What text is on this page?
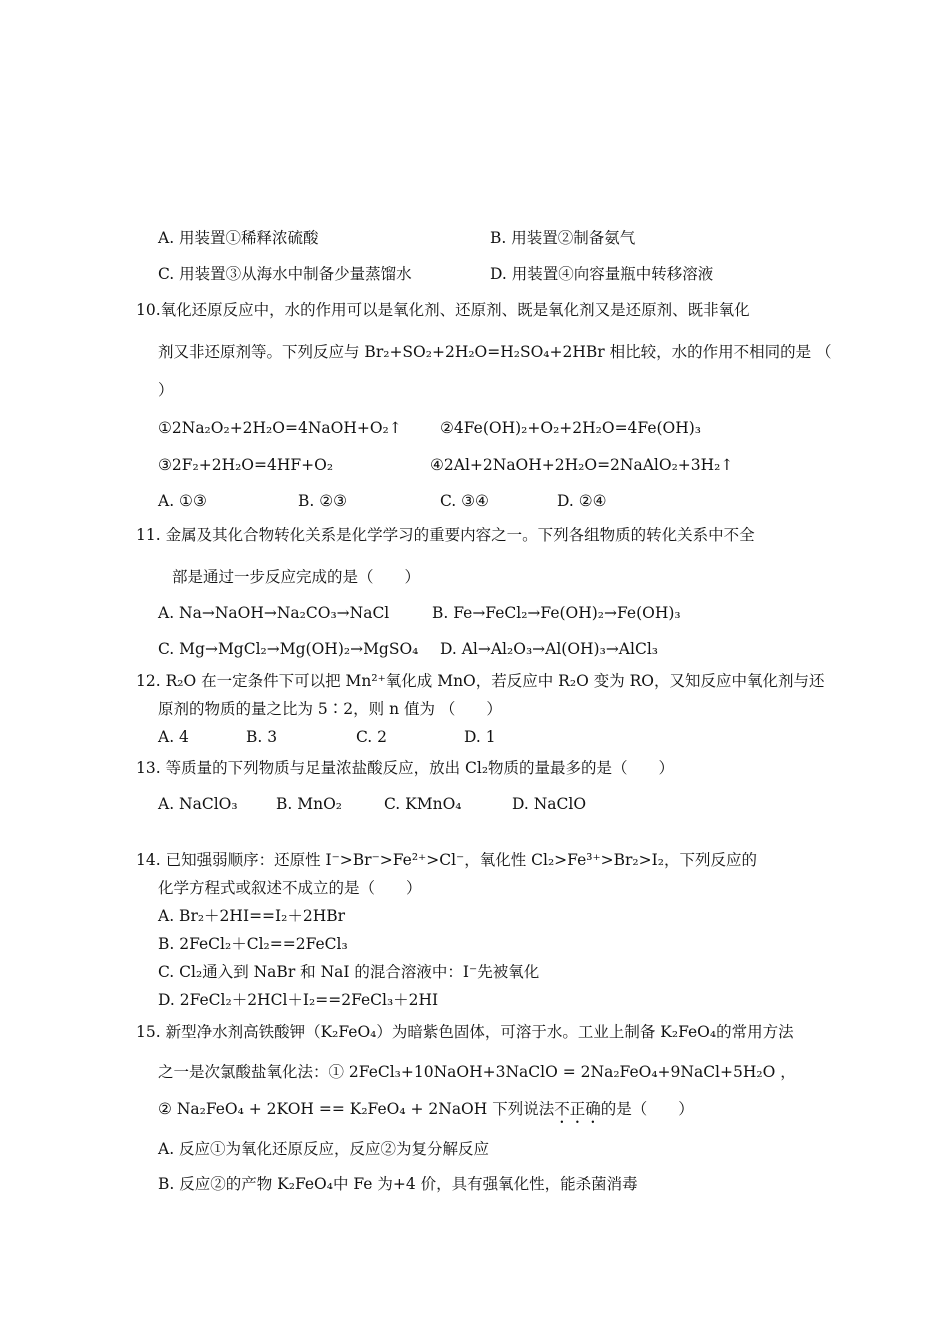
A. 用装置①稀释浓硫酸	B. 用装置②制备氨气
C. 用装置③从海水中制备少量蒸馏水	D. 用装置④向容量瓶中转移溶液
10.氧化还原反应中，水的作用可以是氧化剂、还原剂、既是氧化剂又是还原剂、既非氧化
剂又非还原剂等。下列反应与 Br₂+SO₂+2H₂O=H₂SO₄+2HBr 相比较，水的作用不相同的是 （
）
①2Na₂O₂+2H₂O=4NaOH+O₂↑ ②4Fe(OH)₂+O₂+2H₂O=4Fe(OH)₃
③2F₂+2H₂O=4HF+O₂	④2Al+2NaOH+2H₂O=2NaAlO₂+3H₂↑
A. ①③	B. ②③	C. ③④	D. ②④
11. 金属及其化合物转化关系是化学学习的重要内容之一。下列各组物质的转化关系中不全
部是通过一步反应完成的是（　　）
A. Na→NaOH→Na₂CO₃→NaCl	B. Fe→FeCl₂→Fe(OH)₂→Fe(OH)₃
C. Mg→MgCl₂→Mg(OH)₂→MgSO₄ D. Al→Al₂O₃→Al(OH)₃→AlCl₃
12. R₂O 在一定条件下可以把 Mn²⁺氧化成 MnO，若反应中 R₂O 变为 RO，又知反应中氧化剂与还
原剂的物质的量之比为 5∶2，则 n 值为 （　　）
A. 4	B. 3	C. 2	D. 1
13. 等质量的下列物质与足量浓盐酸反应，放出 Cl₂物质的量最多的是（　　）
A. NaClO₃ B. MnO₂	C. KMnO₄	D. NaClO
14. 已知强弱顺序：还原性 I⁻>Br⁻>Fe²⁺>Cl⁻，氧化性 Cl₂>Fe³⁺>Br₂>I₂，下列反应的
化学方程式或叙述不成立的是（　　）
A. Br₂＋2HI==I₂＋2HBr
B. 2FeCl₂＋Cl₂==2FeCl₃
C. Cl₂通入到 NaBr 和 NaI 的混合溶液中：I⁻先被氧化
D. 2FeCl₂＋2HCl＋I₂==2FeCl₃＋2HI
15. 新型净水剂高铁酸钾（K₂FeO₄）为暗紫色固体，可溶于水。工业上制备 K₂FeO₄的常用方法
之一是次氯酸盐氧化法：① 2FeCl₃+10NaOH+3NaClO = 2Na₂FeO₄+9NaCl+5H₂O ，
② Na₂FeO₄ + 2KOH == K₂FeO₄ + 2NaOH 下列说法不正确的是（　　）
A. 反应①为氧化还原反应，反应②为复分解反应
B. 反应②的产物 K₂FeO₄中 Fe 为+4 价，具有强氧化性，能杀菌消毒
